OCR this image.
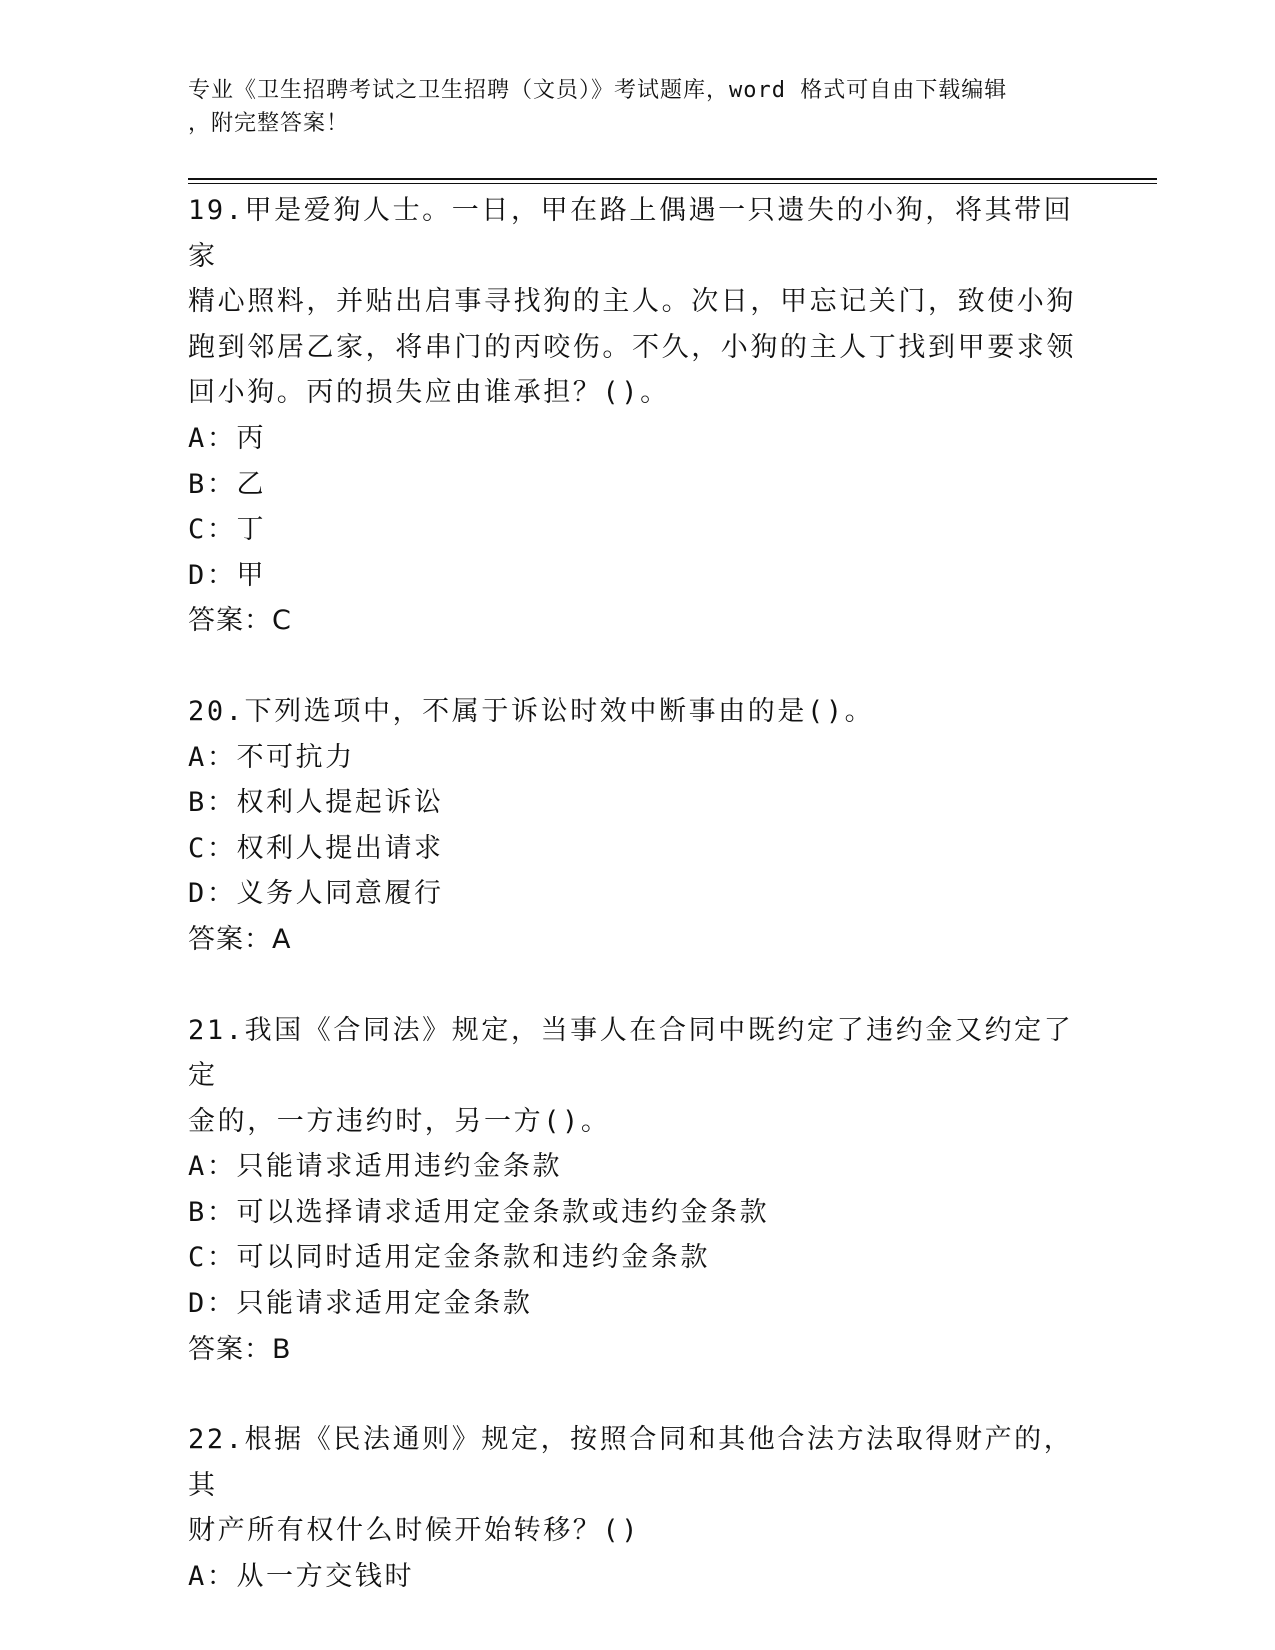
专业《卫生招聘考试之卫生招聘（文员）》考试题库，word 格式可自由下载编辑
，附完整答案！

19.甲是爱狗人士。一日，甲在路上偶遇一只遗失的小狗，将其带回家

精心照料，并贴出启事寻找狗的主人。次日，甲忘记关门，致使小狗

跑到邻居乙家，将串门的丙咬伤。不久，小狗的主人丁找到甲要求领

回小狗。丙的损失应由谁承担？()。

A：丙

B：乙

C：丁

D：甲

答案：C

20.下列选项中，不属于诉讼时效中断事由的是()。

A：不可抗力

B：权利人提起诉讼

C：权利人提出请求

D：义务人同意履行

答案：A

21.我国《合同法》规定，当事人在合同中既约定了违约金又约定了定

金的，一方违约时，另一方()。

A：只能请求适用违约金条款

B：可以选择请求适用定金条款或违约金条款

C：可以同时适用定金条款和违约金条款

D：只能请求适用定金条款

答案：B

22.根据《民法通则》规定，按照合同和其他合法方法取得财产的，其

财产所有权什么时候开始转移？()

A：从一方交钱时
